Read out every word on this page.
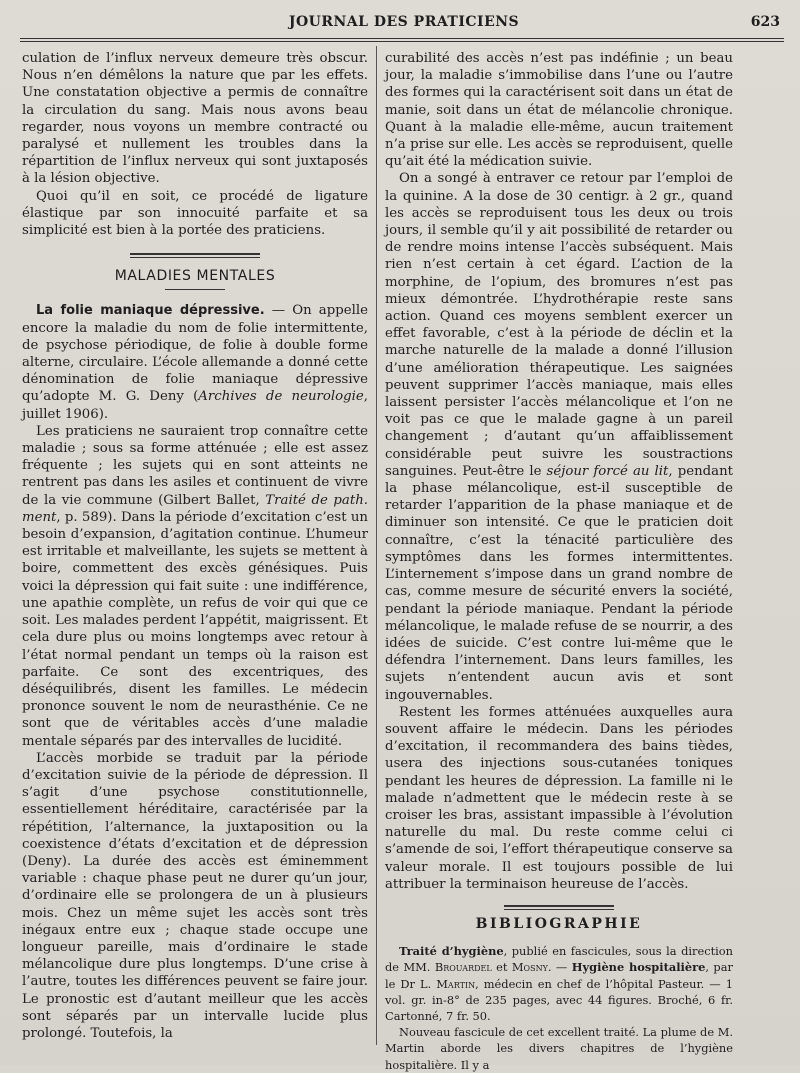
JOURNAL DES PRATICIENS	623

culation de l’influx nerveux demeure très obscur. Nous n’en démêlons la nature que par les effets. Une constatation objective a permis de connaître la circulation du sang. Mais nous avons beau regarder, nous voyons un membre contracté ou paralysé et nullement les troubles dans la répartition de l’influx nerveux qui sont juxtaposés à la lésion objective.

Quoi qu’il en soit, ce procédé de ligature élastique par son innocuité parfaite et sa simplicité est bien à la portée des praticiens.

MALADIES MENTALES

La folie maniaque dépressive. — On appelle encore la maladie du nom de folie intermittente, de psychose périodique, de folie à double forme alterne, circulaire. L’école allemande a donné cette dénomination de folie maniaque dépressive qu’adopte M. G. Deny (Archives de neurologie, juillet 1906).

Les praticiens ne sauraient trop connaître cette maladie ; sous sa forme atténuée ; elle est assez fréquente ; les sujets qui en sont atteints ne rentrent pas dans les asiles et continuent de vivre de la vie commune (Gilbert Ballet, Traité de path. ment, p. 589). Dans la période d’excitation c’est un besoin d’expansion, d’agitation continue. L’humeur est irritable et malveillante, les sujets se mettent à boire, commettent des excès génésiques. Puis voici la dépression qui fait suite : une indifférence, une apathie complète, un refus de voir qui que ce soit. Les malades perdent l’appétit, maigrissent. Et cela dure plus ou moins longtemps avec retour à l’état normal pendant un temps où la raison est parfaite. Ce sont des excentriques, des déséquilibrés, disent les familles. Le médecin prononce souvent le nom de neurasthénie. Ce ne sont que de véritables accès d’une maladie mentale séparés par des intervalles de lucidité.

L’accès morbide se traduit par la période d’excitation suivie de la période de dépression. Il s’agit d’une psychose constitutionnelle, essentiellement héréditaire, caractérisée par la répétition, l’alternance, la juxtaposition ou la coexistence d’états d’excitation et de dépression (Deny). La durée des accès est éminemment variable : chaque phase peut ne durer qu’un jour, d’ordinaire elle se prolongera de un à plusieurs mois. Chez un même sujet les accès sont très inégaux entre eux ; chaque stade occupe une longueur pareille, mais d’ordinaire le stade mélancolique dure plus longtemps. D’une crise à l’autre, toutes les différences peuvent se faire jour. Le pronostic est d’autant meilleur que les accès sont séparés par un intervalle lucide plus prolongé. Toutefois, la

curabilité des accès n’est pas indéfinie ; un beau jour, la maladie s’immobilise dans l’une ou l’autre des formes qui la caractérisent soit dans un état de manie, soit dans un état de mélancolie chronique. Quant à la maladie elle-même, aucun traitement n’a prise sur elle. Les accès se reproduisent, quelle qu’ait été la médication suivie.

On a songé à entraver ce retour par l’emploi de la quinine. A la dose de 30 centigr. à 2 gr., quand les accès se reproduisent tous les deux ou trois jours, il semble qu’il y ait possibilité de retarder ou de rendre moins intense l’accès subséquent. Mais rien n’est certain à cet égard. L’action de la morphine, de l’opium, des bromures n’est pas mieux démontrée. L’hydrothérapie reste sans action. Quand ces moyens semblent exercer un effet favorable, c’est à la période de déclin et la marche naturelle de la malade a donné l’illusion d’une amélioration thérapeutique. Les saignées peuvent supprimer l’accès maniaque, mais elles laissent persister l’accès mélancolique et l’on ne voit pas ce que le malade gagne à un pareil changement ; d’autant qu’un affaiblissement considérable peut suivre les soustractions sanguines. Peut-être le séjour forcé au lit, pendant la phase mélancolique, est-il susceptible de retarder l’apparition de la phase maniaque et de diminuer son intensité. Ce que le praticien doit connaître, c’est la ténacité particulière des symptômes dans les formes intermittentes. L’internement s’impose dans un grand nombre de cas, comme mesure de sécurité envers la société, pendant la période maniaque. Pendant la période mélancolique, le malade refuse de se nourrir, a des idées de suicide. C’est contre lui-même que le défendra l’internement. Dans leurs familles, les sujets n’entendent aucun avis et sont ingouvernables.

Restent les formes atténuées auxquelles aura souvent affaire le médecin. Dans les périodes d’excitation, il recommandera des bains tièdes, usera des injections sous-cutanées toniques pendant les heures de dépression. La famille ni le malade n’admettent que le médecin reste à se croiser les bras, assistant impassible à l’évolution naturelle du mal. Du reste comme celui ci s’amende de soi, l’effort thérapeutique conserve sa valeur morale. Il est toujours possible de lui attribuer la terminaison heureuse de l’accès.

BIBLIOGRAPHIE

Traité d’hygiène, publié en fascicules, sous la direction de MM. Brouardel et Mosny. — Hygiène hospitalière, par le Dr L. Martin, médecin en chef de l’hôpital Pasteur. — 1 vol. gr. in-8° de 235 pages, avec 44 figures. Broché, 6 fr. Cartonné, 7 fr. 50.

Nouveau fascicule de cet excellent traité. La plume de M. Martin aborde les divers chapitres de l’hygiène hospitalière. Il y a
